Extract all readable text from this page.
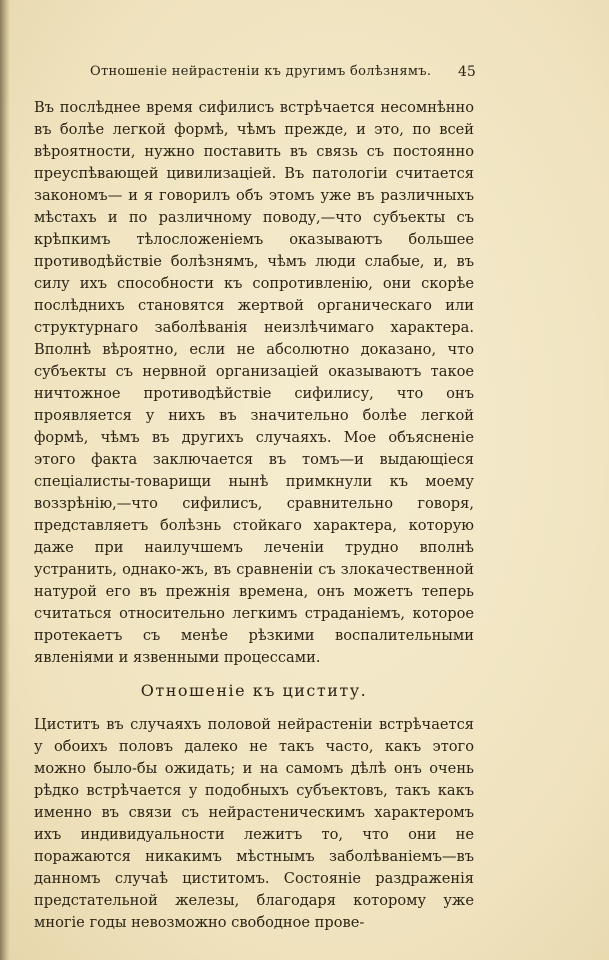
Отношеніе нейрастеніи къ другимъ болѣзнямъ.	45

Въ послѣднее время сифилисъ встрѣчается несомнѣнно въ болѣе легкой формѣ, чѣмъ прежде, и это, по всей вѣроятности, нужно поставить въ связь съ постоянно преуспѣвающей цивилизаціей. Въ патологіи считается закономъ— и я говорилъ объ этомъ уже въ различныхъ мѣстахъ и по различному поводу,—что субъекты съ крѣпкимъ тѣлосложеніемъ оказываютъ большее противодѣйствіе болѣзнямъ, чѣмъ люди слабые, и, въ силу ихъ способности къ сопротивленію, они скорѣе послѣднихъ становятся жертвой органическаго или структурнаго заболѣванія неизлѣчимаго характера. Вполнѣ вѣроятно, если не абсолютно доказано, что субъекты съ нервной организаціей оказываютъ такое ничтожное противодѣйствіе сифилису, что онъ проявляется у нихъ въ значительно болѣе легкой формѣ, чѣмъ въ другихъ случаяхъ. Мое объясненіе этого факта заключается въ томъ—и выдающіеся спеціалисты-товарищи нынѣ примкнули къ моему воззрѣнію,—что сифилисъ, сравнительно говоря, представляетъ болѣзнь стойкаго характера, которую даже при наилучшемъ леченіи трудно вполнѣ устранить, однако-жъ, въ сравненіи съ злокачественной натурой его въ прежнія времена, онъ можетъ теперь считаться относительно легкимъ страданіемъ, которое протекаетъ съ менѣе рѣзкими воспалительными явленіями и язвенными процессами.

Отношеніе къ циститу.

Циститъ въ случаяхъ половой нейрастеніи встрѣчается у обоихъ половъ далеко не такъ часто, какъ этого можно было-бы ожидать; и на самомъ дѣлѣ онъ очень рѣдко встрѣчается у подобныхъ субъектовъ, такъ какъ именно въ связи съ нейрастеническимъ характеромъ ихъ индивидуальности лежитъ то, что они не поражаются никакимъ мѣстнымъ заболѣваніемъ—въ данномъ случаѣ циститомъ. Состояніе раздраженія предстательной железы, благодаря которому уже многіе годы невозможно свободное прове-
